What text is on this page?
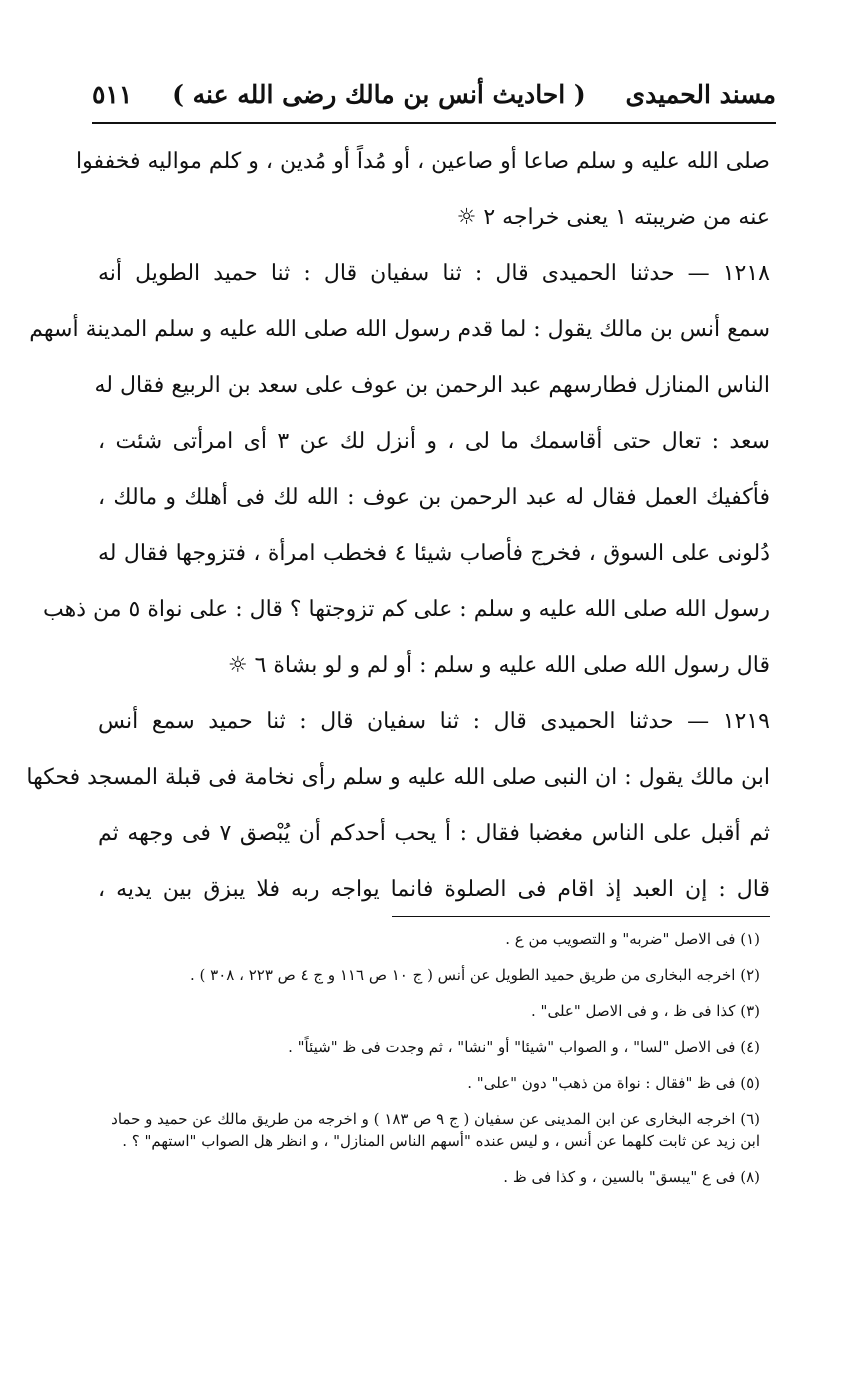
٥١١ ( احاديث أنس بن مالك رضى الله عنه ) مسند الحميدى
صلى الله عليه و سلم صاعا أو صاعين ، أو مُداً أو مُدين ، و كلم مواليه فخففوا
عنه من ضريبته ١ يعنى خراجه ٢ ☼
١٢١٨ — حدثنا الحميدى قال : ثنا سفيان قال : ثنا حميد الطويل أنه
سمع أنس بن مالك يقول : لما قدم رسول الله صلى الله عليه و سلم المدينة أسهم
الناس المنازل فطارسهم عبد الرحمن بن عوف على سعد بن الربيع فقال له
سعد : تعال حتى أقاسمك ما لى ، و أنزل لك عن ٣ أى امرأتى شئت ،
فأكفيك العمل فقال له عبد الرحمن بن عوف : الله لك فى أهلك و مالك ،
دُلونى على السوق ، فخرج فأصاب شيئا ٤ فخطب امرأة ، فتزوجها فقال له
رسول الله صلى الله عليه و سلم : على كم تزوجتها ؟ قال : على نواة ٥ من ذهب
قال رسول الله صلى الله عليه و سلم : أو لم و لو بشاة ٦ ☼
١٢١٩ — حدثنا الحميدى قال : ثنا سفيان قال : ثنا حميد سمع أنس
ابن مالك يقول : ان النبى صلى الله عليه و سلم رأى نخامة فى قبلة المسجد فحكها
ثم أقبل على الناس مغضبا فقال : أ يحب أحدكم أن يُبْصق ٧ فى وجهه ثم
قال : إن العبد إذ اقام فى الصلوة فانما يواجه ربه فلا يبزق بين يديه ،
(١) فى الاصل "ضربه" و التصويب من ع .
(٢) اخرجه البخارى من طريق حميد الطويل عن أنس ( ج ١٠ ص ١١٦ و ج ٤ ص ٢٢٣ ، ٣٠٨ ) .
(٣) كذا فى ظ ، و فى الاصل "على" .
(٤) فى الاصل "لسا" ، و الصواب "شيئا" أو "نشا" ، ثم وجدت فى ظ "شيئاً" .
(٥) فى ظ "فقال : نواة من ذهب" دون "على" .
(٦) اخرجه البخارى عن ابن المدينى عن سفيان ( ج ٩ ص ١٨٣ ) و اخرجه من طريق مالك عن حميد و حماد ابن زيد عن ثابت كلهما عن أنس ، و ليس عنده "أسهم الناس المنازل" ، و انظر هل الصواب "استهم" ؟ .
(٨) فى ع "يبسق" بالسين ، و كذا فى ظ .
